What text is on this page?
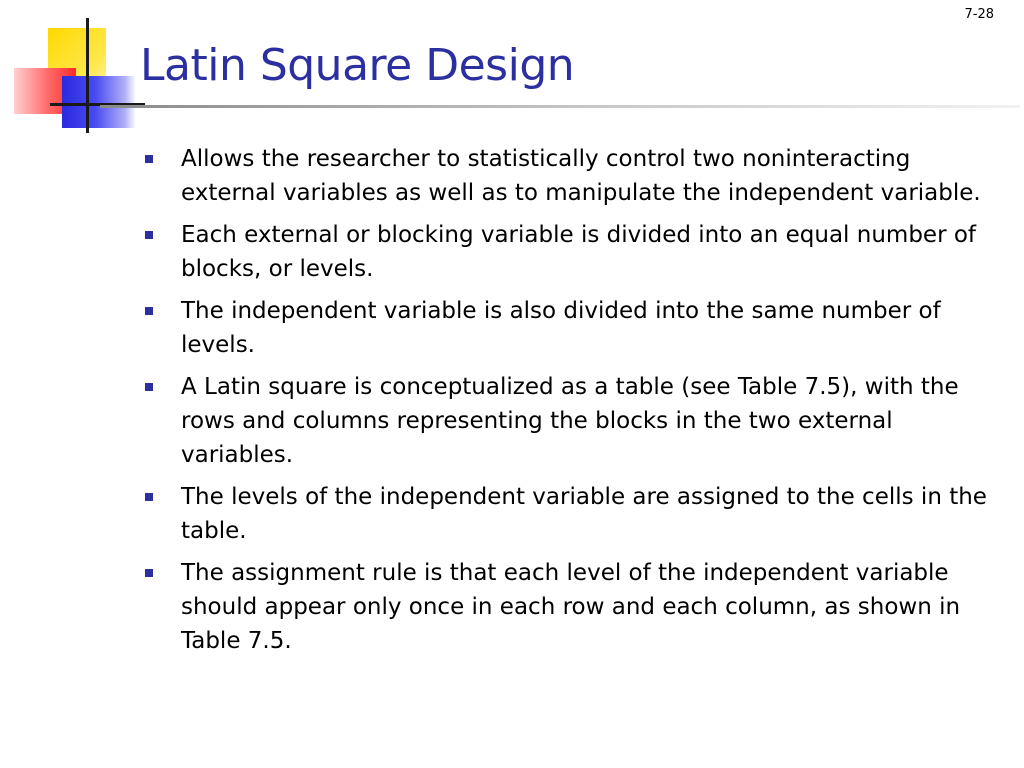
7-28
Latin Square Design
Allows the researcher to statistically control two noninteracting external variables as well as to manipulate the independent variable.
Each external or blocking variable is divided into an equal number of blocks, or levels.
The independent variable is also divided into the same number of levels.
A Latin square is conceptualized as a table (see Table 7.5), with the rows and columns representing the blocks in the two external variables.
The levels of the independent variable are assigned to the cells in the table.
The assignment rule is that each level of the independent variable should appear only once in each row and each column, as shown in Table 7.5.
